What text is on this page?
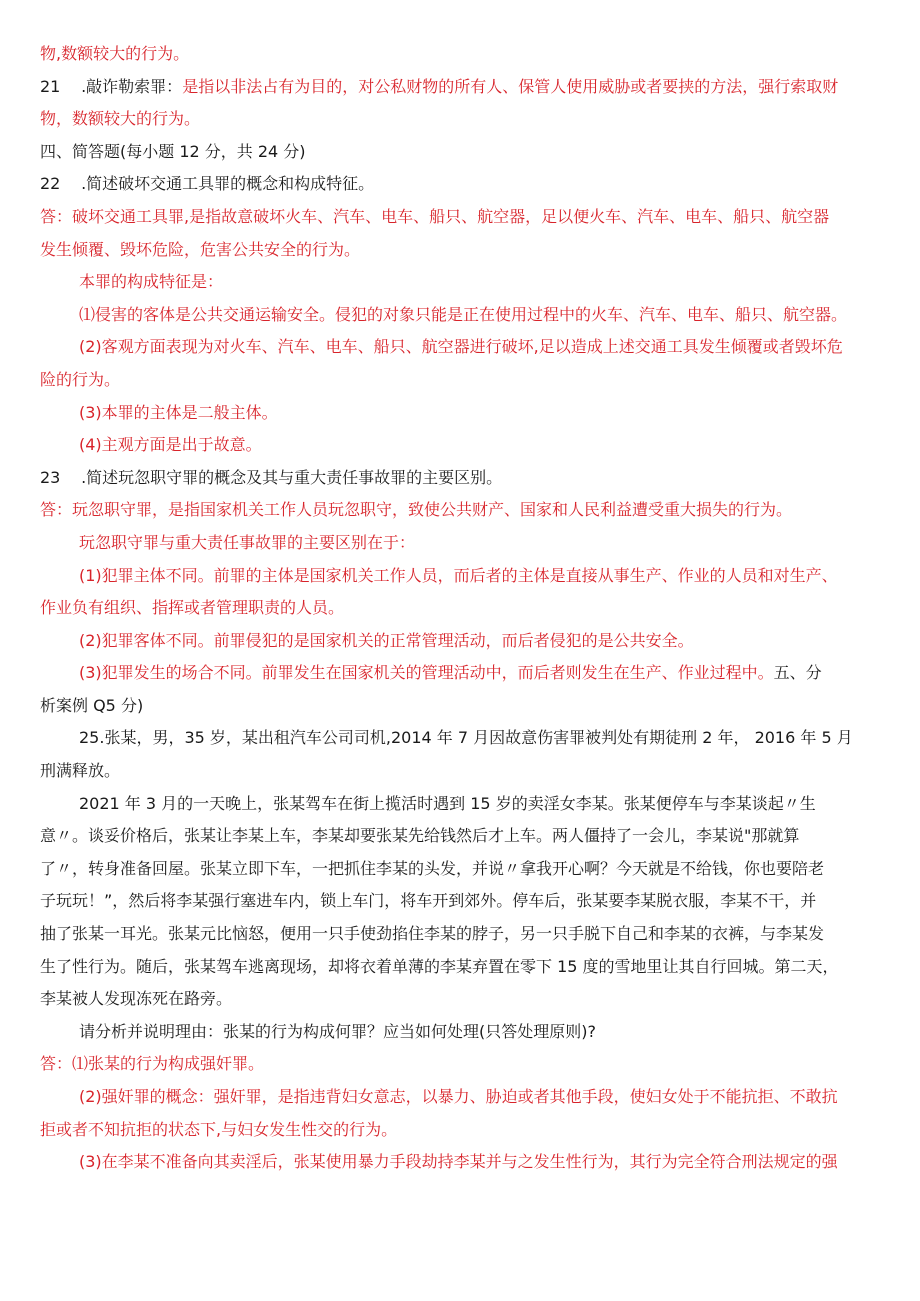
物,数额较大的行为。
21 .敲诈勒索罪：是指以非法占有为目的，对公私财物的所有人、保管人使用威胁或者要挟的方法，强行索取财
物，数额较大的行为。
四、简答题(每小题 12 分，共 24 分)
22 .简述破坏交通工具罪的概念和构成特征。
答：破坏交通工具罪,是指故意破坏火车、汽车、电车、船只、航空器，足以便火车、汽车、电车、船只、航空器
发生倾覆、毁坏危险，危害公共安全的行为。
本罪的构成特征是：
⑴侵害的客体是公共交通运输安全。侵犯的对象只能是正在使用过程中的火车、汽车、电车、船只、航空器。
(2)客观方面表现为对火车、汽车、电车、船只、航空器进行破坏,足以造成上述交通工具发生倾覆或者毁坏危
险的行为。
(3)本罪的主体是二般主体。
(4)主观方面是出于故意。
23 .简述玩忽职守罪的概念及其与重大责任事故罪的主要区别。
答：玩忽职守罪，是指国家机关工作人员玩忽职守，致使公共财产、国家和人民利益遭受重大损失的行为。
玩忽职守罪与重大责任事故罪的主要区别在于：
(1)犯罪主体不同。前罪的主体是国家机关工作人员，而后者的主体是直接从事生产、作业的人员和对生产、
作业负有组织、指挥或者管理职责的人员。
(2)犯罪客体不同。前罪侵犯的是国家机关的正常管理活动，而后者侵犯的是公共安全。
(3)犯罪发生的场合不同。前罪发生在国家机关的管理活动中，而后者则发生在生产、作业过程中。五、分
析案例 Q5 分)
25.张某，男，35 岁，某出租汽车公司司机,2014 年 7 月因故意伤害罪被判处有期徒刑 2 年， 2016 年 5 月
刑满释放。
2021 年 3 月的一天晚上，张某驾车在街上揽活时遇到 15 岁的卖淫女李某。张某便停车与李某谈起〃生
意〃。谈妥价格后，张某让李某上车，李某却要张某先给钱然后才上车。两人僵持了一会儿，李某说"那就算
了〃，转身准备回屋。张某立即下车，一把抓住李某的头发，并说〃拿我开心啊？今天就是不给钱，你也要陪老
子玩玩！”，然后将李某强行塞进车内，锁上车门，将车开到郊外。停车后，张某要李某脱衣服，李某不干，并
抽了张某一耳光。张某元比恼怒，便用一只手使劲掐住李某的脖子，另一只手脱下自己和李某的衣裤，与李某发
生了性行为。随后，张某驾车逃离现场，却将衣着单薄的李某弃置在零下 15 度的雪地里让其自行回城。第二天，
李某被人发现冻死在路旁。
请分析并说明理由：张某的行为构成何罪？应当如何处理(只答处理原则)?
答：⑴张某的行为构成强奸罪。
(2)强奸罪的概念：强奸罪，是指违背妇女意志，以暴力、胁迫或者其他手段，使妇女处于不能抗拒、不敢抗
拒或者不知抗拒的状态下,与妇女发生性交的行为。
(3)在李某不准备向其卖淫后，张某使用暴力手段劫持李某并与之发生性行为，其行为完全符合刑法规定的强
